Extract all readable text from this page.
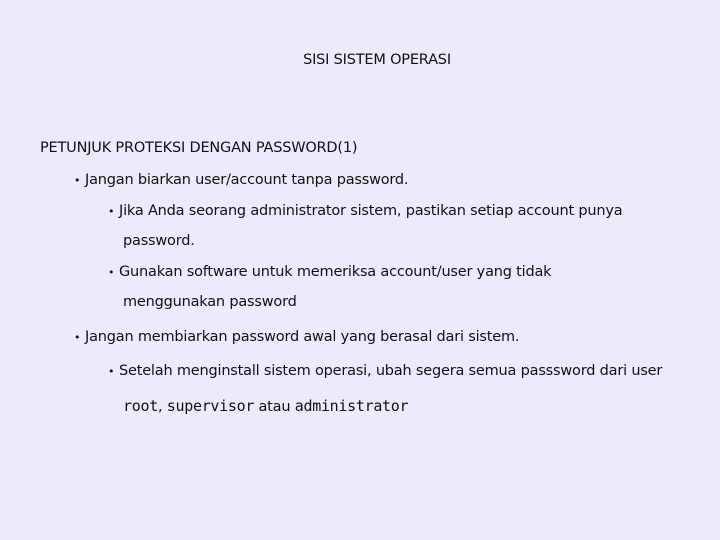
SISI SISTEM OPERASI
PETUNJUK PROTEKSI DENGAN PASSWORD(1)
• Jangan biarkan user/account tanpa password.
• Jika Anda seorang administrator sistem, pastikan setiap account punya
password.
• Gunakan software untuk memeriksa account/user yang tidak
menggunakan password
• Jangan membiarkan password awal yang berasal dari sistem.
• Setelah menginstall sistem operasi, ubah segera semua passsword dari user
root, supervisor atau administrator
